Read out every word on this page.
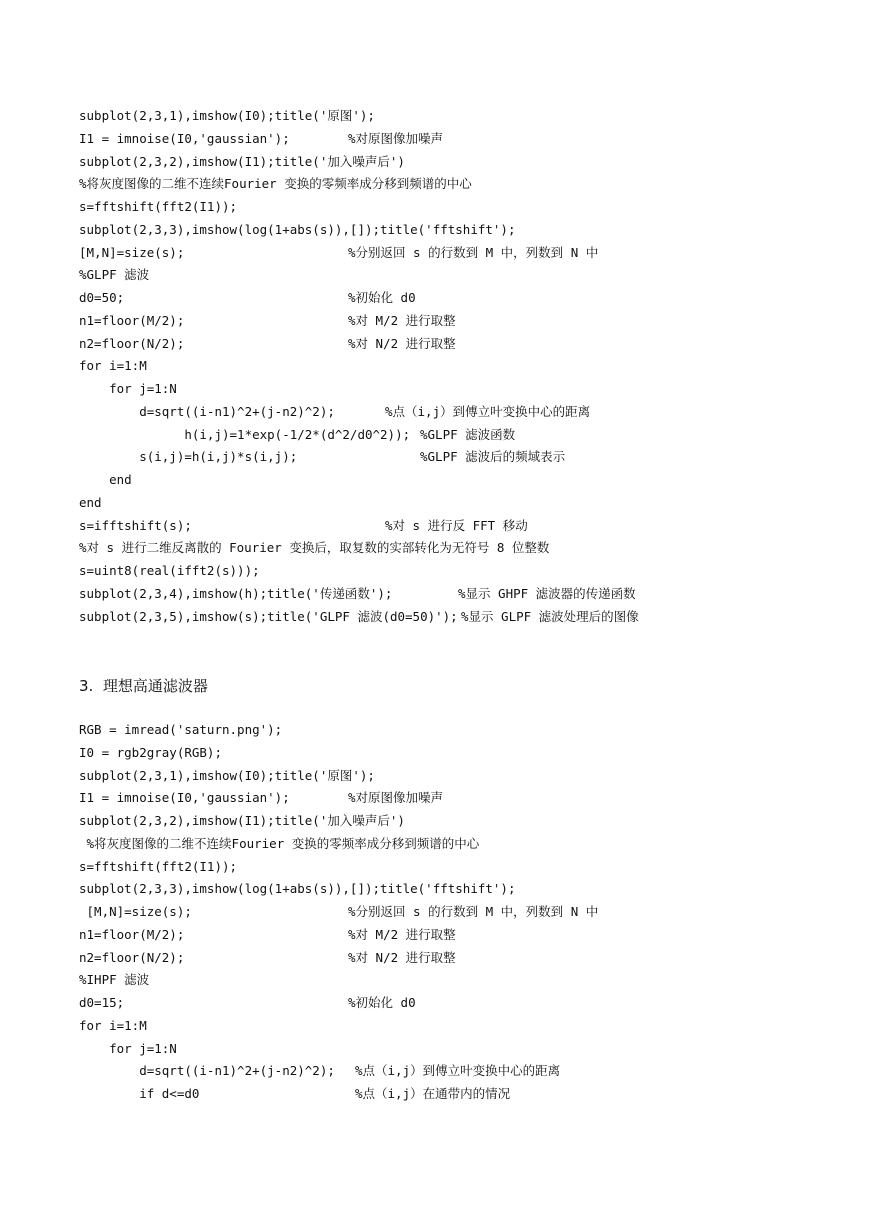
subplot(2,3,1),imshow(I0);title('原图');
I1 = imnoise(I0,'gaussian');	%对原图像加噪声
subplot(2,3,2),imshow(I1);title('加入噪声后')
%将灰度图像的二维不连续Fourier 变换的零频率成分移到频谱的中心
s=fftshift(fft2(I1));
subplot(2,3,3),imshow(log(1+abs(s)),[]);title('fftshift');
[M,N]=size(s);	%分别返回 s 的行数到 M 中，列数到 N 中
%GLPF 滤波
d0=50;	%初始化 d0
n1=floor(M/2);	%对 M/2 进行取整
n2=floor(N/2);	%对 N/2 进行取整
for i=1:M
for j=1:N
d=sqrt((i-n1)^2+(j-n2)^2);	%点（i,j）到傅立叶变换中心的距离
h(i,j)=1*exp(-1/2*(d^2/d0^2)); %GLPF 滤波函数
s(i,j)=h(i,j)*s(i,j);	%GLPF 滤波后的频域表示
end
end
s=ifftshift(s);	%对 s 进行反 FFT 移动
%对 s 进行二维反离散的 Fourier 变换后，取复数的实部转化为无符号 8 位整数
s=uint8(real(ifft2(s)));
subplot(2,3,4),imshow(h);title('传递函数');	%显示 GHPF 滤波器的传递函数
subplot(2,3,5),imshow(s);title('GLPF 滤波(d0=50)'); %显示 GLPF 滤波处理后的图像
3.  理想高通滤波器
RGB = imread('saturn.png');
I0 = rgb2gray(RGB);
subplot(2,3,1),imshow(I0);title('原图');
I1 = imnoise(I0,'gaussian');	%对原图像加噪声
subplot(2,3,2),imshow(I1);title('加入噪声后')
%将灰度图像的二维不连续Fourier 变换的零频率成分移到频谱的中心
s=fftshift(fft2(I1));
subplot(2,3,3),imshow(log(1+abs(s)),[]);title('fftshift');
[M,N]=size(s);	%分别返回 s 的行数到 M 中，列数到 N 中
n1=floor(M/2);	%对 M/2 进行取整
n2=floor(N/2);	%对 N/2 进行取整
%IHPF 滤波
d0=15;	%初始化 d0
for i=1:M
for j=1:N
d=sqrt((i-n1)^2+(j-n2)^2); %点（i,j）到傅立叶变换中心的距离
if d<=d0	%点（i,j）在通带内的情况
